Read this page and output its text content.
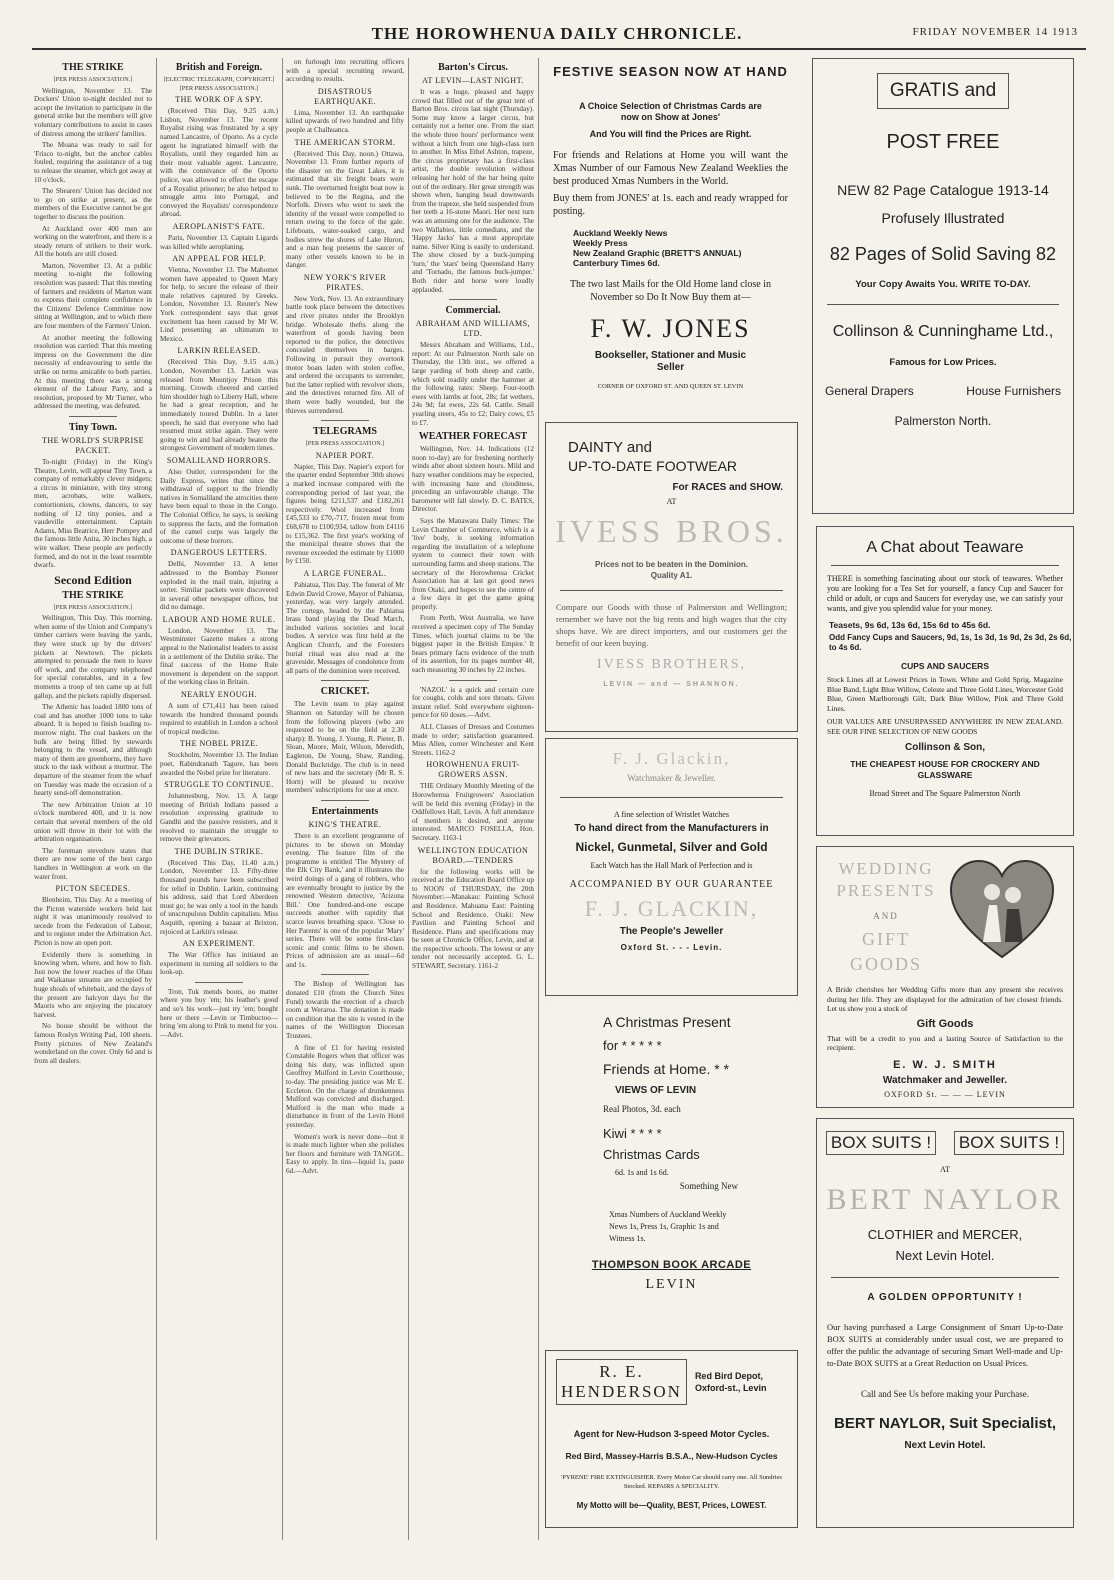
THE HOROWHENUA DAILY CHRONICLE.	FRIDAY NOVEMBER 14 1913
THE STRIKE
[PER PRESS ASSOCIATION.]

Wellington, November 13. The Dockers' Union to-night decided not to accept the invitation to participate in the general strike but the members will give voluntary contributions to assist in cases of distress among the strikers' families.

The Moana was ready to sail for 'Frisco to-night, but the anchor cables fouled, requiring the assistance of a tug to release the steamer, which got away at 10 o'clock.

The Shearers' Union has decided not to go on strike at present, as the members of the Executive cannot be got together to discuss the position.

At Auckland over 400 men are working on the waterfront, and there is a steady return of strikers to their work. All the hotels are still closed.

Marton, November 13. At a public meeting to-night the following resolution was passed: That this meeting of farmers and residents of Marton want to express their complete confidence in the Citizens' Defence Committee now sitting at Wellington, and to which there are four members of the Farmers' Union.

At another meeting the following resolution was carried: That this meeting impress on the Government the dire necessity of endeavouring to settle the strike on terms amicable to both parties. At this meeting there was a strong element of the Labour Party, and a resolution, proposed by Mr Turner, who addressed the meeting, was defeated.

Tiny Town.
THE WORLD'S SURPRISE PACKET.

To-night (Friday) in the King's Theatre, Levin, will appear Tiny Town, a company of remarkably clever midgets; a circus in miniature, with tiny strong men, acrobats, wire walkers, contortionists, clowns, dancers, to say nothing of 12 tiny ponies, and a vaudeville entertainment. Captain Adams, Miss Beatrice, Herr Pompey and the famous little Anita, 30 inches high, a wire walker. These people are perfectly formed, and do not in the least resemble dwarfs.

Second Edition
THE STRIKE
[PER PRESS ASSOCIATION.]

Wellington, This Day. This morning, when some of the Union and Company's timber carriers were leaving the yards, they were stuck up by the drivers' pickets at Newtown. The pickets attempted to persuade the men to leave off work, and the company telephoned for special constables, and in a few moments a troop of ten came up at full gallop, and the pickets rapidly dispersed.

The Athenic has loaded 1800 tons of coal and has another 1000 tons to take aboard. It is hoped to finish loading to-morrow night. The coal baskets on the hulk are being filled by stewards belonging to the vessel, and although many of them are greenhorns, they have stuck to the task without a murmur. The departure of the steamer from the wharf on Tuesday was made the occasion of a hearty send-off demonstration.

The new Arbitration Union at 10 o'clock numbered 400, and it is now certain that several members of the old union will throw in their lot with the arbitration organisation.

The foreman stevedore states that there are now some of the best cargo handlers in Wellington at work on the water front.

PICTON SECEDES.

Blenheim, This Day. At a meeting of the Picton waterside workers held last night it was unanimously resolved to secede from the Federation of Labour, and to register under the Arbitration Act. Picton is now an open port.

Evidently there is something in knowing when, where, and how to fish. Just now the lower reaches of the Ohau and Waikanae streams are occupied by huge shoals of whitebait, and the days of the present are halcyon days for the Maoris who are enjoying the piscatory harvest.

No house should be without the famous Roslyn Writing Pad, 100 sheets. Pretty pictures of New Zealand's wonderland on the cover. Only 6d and is from all dealers.

British and Foreign.
[ELECTRIC TELEGRAPH, COPYRIGHT.] [PER PRESS ASSOCIATION.]
THE WORK OF A SPY.

(Received This Day, 9.25 a.m.) Lisbon, November 13. The recent Royalist rising was frustrated by a spy named Lancastre, of Oporto. As a cycle agent he ingratiated himself with the Royalists, until they regarded him as their most valuable agent. Lancastre, with the connivance of the Oporto police, was allowed to effect the escape of a Royalist prisoner; he also helped to smuggle arms into Portugal, and conveyed the Royalists' correspondence abroad.

AEROPLANIST'S FATE.

Paris, November 13. Captain Ligards was killed while aeroplaning.

AN APPEAL FOR HELP.

Vienna, November 13. The Mahomet women have appealed to Queen Mary for help, to secure the release of their male relatives captured by Greeks. London, November 13. Reuter's New York correspondent says that great excitement has been caused by Mr W. Lind presenting an ultimatum to Mexico.

LARKIN RELEASED.

(Received This Day, 9.15 a.m.) London, November 13. Larkin was released from Mountjoy Prison this morning. Crowds cheered and carried him shoulder high to Liberty Hall, where he had a great reception, and he immediately toured Dublin. In a later speech, he said that everyone who had resumed must strike again. They were going to win and had already beaten the strongest Government of modern times.

SOMALILAND HORRORS.

Also Outler, correspondent for the Daily Express, writes that since the withdrawal of support to the friendly natives in Somaliland the atrocities there have been equal to those in the Congo. The Colonial Office, he says, is seeking to suppress the facts, and the formation of the camel corps was largely the outcome of these horrors.

DANGEROUS LETTERS.

Delhi, November 13. A letter addressed to the Bombay Pioneer exploded in the mail train, injuring a sorter. Similar packets were discovered in several other newspaper offices, but did no damage.

LABOUR AND HOME RULE.

London, November 13. The Westminster Gazette makes a strong appeal to the Nationalist leaders to assist in a settlement of the Dublin strike. The final success of the Home Rule movement is dependent on the support of the working class in Britain.

NEARLY ENOUGH.

A sum of £71,411 has been raised towards the hundred thousand pounds required to establish in London a school of tropical medicine.

THE NOBEL PRIZE.

Stockholm, November 13. The Indian poet, Rabindranath Tagore, has been awarded the Nobel prize for literature.

STRUGGLE TO CONTINUE.

Johannesburg, Nov. 13. A large meeting of British Indians passed a resolution expressing gratitude to Gandhi and the passive resisters, and it resolved to maintain the struggle to remove their grievances.

THE DUBLIN STRIKE.

(Received This Day, 11.40 a.m.) London, November 13. Fifty-three thousand pounds have been subscribed for relief in Dublin. Larkin, continuing his address, said that Lord Aberdeen must go; he was only a tool in the hands of unscrupulous Dublin capitalists. Miss Asquith, opening a bazaar at Brixton, rejoiced at Larkin's release.

AN EXPERIMENT.

The War Office has initiated an experiment in turning all soldiers to the look-up.

Tron, Tuk mends boots, no matter where you buy 'em; his leather's good and so's his work—just try 'em; bought here or there —Levin or Timbuctoo—bring 'em along to Pink to mend for you.—Advt.

on furlough into recruiting officers with a special recruiting reward, according to results.

DISASTROUS EARTHQUAKE.

Lima, November 13. An earthquake killed upwards of two hundred and fifty people at Chalhuanca.

THE AMERICAN STORM.

(Received This Day, noon.) Ottawa, November 13. From further reports of the disaster on the Great Lakes, it is estimated that six freight boats were sunk. The overturned freight boat now is believed to be the Regina, and the Norfolk. Divers who went to seek the identity of the vessel were compelled to return owing to the force of the gale. Lifeboats, water-soaked cargo, and bodies strew the shores of Lake Huron, and a man hog presents the saucer of many other vessels known to be in danger.

NEW YORK'S RIVER PIRATES.

New York, Nov. 13. An extraordinary battle took place between the detectives and river pirates under the Brooklyn bridge. Wholesale thefts along the waterfront of goods having been reported to the police, the detectives concealed themselves in barges. Following in pursuit they overtook motor boats laden with stolen coffee, and ordered the occupants to surrender, but the latter replied with revolver shots, and the detectives returned fire. All of them were badly wounded, but the thieves surrendered.

TELEGRAMS
[PER PRESS ASSOCIATION.]
NAPIER PORT.

Napier, This Day. Napier's export for the quarter ended September 30th shows a marked increase compared with the corresponding period of last year, the figures being £211,537 and £182,261 respectively. Wool increased from £45,533 to £70,-717, frozen meat from £68,678 to £100,934, tallow from £4116 to £15,362. The first year's working of the municipal theatre shows that the revenue exceeded the estimate by £1000 by £150.

A LARGE FUNERAL.

Pahiatua, This Day. The funeral of Mr Edwin David Crowe, Mayor of Pahiatua, yesterday, was very largely attended. The cortege, headed by the Pahiatua brass band playing the Dead March, included various societies and local bodies. A service was first held at the Anglican Church, and the Foresters burial ritual was also read at the graveside. Messages of condolence from all parts of the dominion were received.

CRICKET.

The Levin team to play against Shannon on Saturday will be chosen from the following players (who are requested to be on the field at 2.30 sharp): B. Young, J. Young, R. Pieter, B. Sloan, Moore, Moir, Wilson, Meredith, Eagleton, De Young, Shaw, Randing, Donald Buckridge. The club is in need of new bats and the secretary (Mr R. S. Horn) will be pleased to receive members' subscriptions for use at once.

Entertainments
KING'S THEATRE.

There is an excellent programme of pictures to be shown on Monday evening. The feature film of the programme is entitled 'The Mystery of the Elk City Bank,' and it illustrates the weird doings of a gang of robbers, who are eventually brought to justice by the renowned Western detective, 'Arizona Bill.' One hundred-and-one escape succeeds another with rapidity that scarce leaves breathing space. 'Close to Her Parents' is one of the popular 'Mary' series. There will be some first-class scenic and comic films to be shown. Prices of admission are as usual—6d and 1s.

The Bishop of Wellington has donated £10 (from the Church Sites Fund) towards the erection of a church room at Weraroa. The donation is made on condition that the site is vested in the names of the Wellington Diocesan Trustees.

A fine of £1 for having resisted Constable Rogers when that officer was doing his duty, was inflicted upon Geoffrey Mulford in Levin Courthouse, to-day. The presiding justice was Mr E. Eccleton. On the charge of drunkenness Mulford was convicted and discharged. Mulford is the man who made a disturbance in front of the Levin Hotel yesterday.

Women's work is never done—but it is made much lighter when she polishes her floors and furniture with TANGOL. Easy to apply. In tins—liquid 1s, paste 6d.—Advt.

Barton's Circus.
AT LEVIN—LAST NIGHT.

It was a huge, pleased and happy crowd that filled out of the great tent of Barton Bros. circus last night (Thursday). Some may know a larger circus, but certainly not a better one. From the start the whole three hours' performance went without a hitch from one high-class turn to another. In Miss Ethel Ashton, trapeze, the circus proprietary has a first-class artist, the double revolution without releasing her hold of the bar being quite out of the ordinary. Her great strength was shown when, hanging head downwards from the trapeze, she held suspended from her teeth a 16-stone Maori. Her next turn was an amusing one for the audience. The two Wallabies, little comedians, and the 'Happy Jacks' has a most appropriate name. Silver King is easily to understand. The show closed by a buck-jumping 'turn,' the 'stars' being Queensland Harry and 'Tornado, the famous buck-jumper.' Both rider and horse were loudly applauded.

Commercial.
ABRAHAM AND WILLIAMS, LTD.

Messrs Abraham and Williams, Ltd., report: At our Palmerston North sale on Thursday, the 13th inst., we offered a large yarding of both sheep and cattle, which sold readily under the hammer at the following rates: Sheep. Four-tooth ewes with lambs at foot, 28s; fat wethers, 24s 9d; fat ewes, 22s 6d. Cattle. Small yearling steers, 45s to £2; Dairy cows, £5 to £7.

WEATHER FORECAST

Wellington, Nov. 14. Indications (12 noon to-day) are for freshening northerly winds after about sixteen hours. Mild and hazy weather conditions may be expected, with increasing haze and cloudiness, preceding an unfavourable change. The barometer will fall slowly. D. C. BATES, Director.

Says the Manawatu Daily Times: The Levin Chamber of Commerce, which is a 'live' body, is seeking information regarding the installation of a telephone system to connect their town with surrounding farms and sheep stations. The secretary of the Horowhenua Cricket Association has at last got good news from Otaki, and hopes to see the centre of a few days in get the game going properly.

From Perth, West Australia, we have received a specimen copy of The Sunday Times, which journal claims to be 'the biggest paper in the British Empire.' It bears primary facts evidence of the truth of its assertion, for its pages number 48, each measuring 30 inches by 22 inches.

'NAZOL' is a quick and certain cure for coughs, colds and sore throats. Gives instant relief. Sold everywhere eighteen-pence for 60 doses.—Advt.

ALL Classes of Dresses and Costumes made to order; satisfaction guaranteed. Miss Allen, corner Winchester and Kent Streets. 1162-2

HOROWHENUA FRUIT-GROWERS ASSN.

THE Ordinary Monthly Meeting of the Horowhenua Fruitgrowers' Association will be held this evening (Friday) in the Oddfellows Hall, Levin. A full attendance of members is desired, and anyone interested. MARCO FOSELLA, Hon. Secretary. 1163-1

WELLINGTON EDUCATION BOARD.—TENDERS

for the following works will be received at the Education Board Office up to NOON of THURSDAY, the 20th November:—Manakau: Painting School and Residence. Mahuana East: Painting School and Residence. Otaki: New Pavilion and Painting School and Residence. Plans and specifications may be seen at Chronicle Office, Levin, and at the respective schools. The lowest or any tender not necessarily accepted. G. L. STEWART, Secretary. 1161-2

FESTIVE SEASON NOW AT HAND
A Choice Selection of Christmas Cards are now on Show at Jones'
And You will find the Prices are Right.
For friends and Relations at Home you will want the Xmas Number of our Famous New Zealand Weeklies the best produced Xmas Numbers in the World.
Buy them from JONES' at 1s. each and ready wrapped for posting.
Auckland Weekly News
Weekly Press
New Zealand Graphic (BRETT'S ANNUAL)
Canterbury Times 6d.
The two last Mails for the Old Home land close in November so Do It Now Buy them at—
F. W. JONES
Bookseller, Stationer and Music Seller
CORNER OF OXFORD ST. AND QUEEN ST. LEVIN
DAINTY and
UP-TO-DATE FOOTWEAR
For RACES and SHOW.
AT
IVESS BROS.
Prices not to be beaten in the Dominion.
Quality A1.
Compare our Goods with those of Palmerston and Wellington; remember we have not the big rents and high wages that the city shops have. We are direct importers, and our customers get the benefit of our keen buying.
IVESS BROTHERS,
LEVIN — and — SHANNON.
F. J. Glackin,
Watchmaker & Jeweller.
A fine selection of Wristlet Watches
To hand direct from the Manufacturers in
Nickel, Gunmetal, Silver and Gold
Each Watch has the Hall Mark of Perfection and is
ACCOMPANIED BY OUR GUARANTEE
F. J. GLACKIN,
The People's Jeweller
Oxford St. - - - Levin.
A Christmas Present
for * * * * *
Friends at Home. * *
VIEWS OF LEVIN
Real Photos, 3d. each
Kiwi * * * *
Christmas Cards
6d. 1s and 1s 6d.
Something New
Xmas Numbers of Auckland Weekly News 1s, Press 1s, Graphic 1s and Witness 1s.
THOMPSON BOOK ARCADE
LEVIN
R. E. HENDERSON
Red Bird Depot, Oxford-st., Levin
Agent for New-Hudson 3-speed Motor Cycles.
Red Bird, Massey-Harris B.S.A., New-Hudson Cycles
'PYRENE' FIRE EXTINGUISHER. Every Motor Car should carry one. All Sundries Stocked. REPAIRS A SPECIALITY.
My Motto will be—Quality, BEST, Prices, LOWEST.
GRATIS and
POST FREE
NEW 82 Page Catalogue 1913-14
Profusely Illustrated
82 Pages of Solid Saving 82
Your Copy Awaits You. WRITE TO-DAY.
Collinson & Cunninghame Ltd.,
Famous for Low Prices.
General Drapers	House Furnishers
Palmerston North.
A Chat about Teaware
THERE is something fascinating about our stock of teawares. Whether you are looking for a Tea Set for yourself, a fancy Cup and Saucer for child or adult, or cups and Saucers for everyday use, we can satisfy your wants, and give you splendid value for your money.
Teasets, 9s 6d, 13s 6d, 15s 6d to 45s 6d.
Odd Fancy Cups and Saucers, 9d, 1s, 1s 3d, 1s 9d, 2s 3d, 2s 6d, to 4s 6d.
CUPS AND SAUCERS
Stock Lines all at Lowest Prices in Town. White and Gold Sprig, Magazine Blue Band, Light Blue Willow, Celeste and Three Gold Lines, Worcester Gold Blue, Green Marlborough Gilt, Dark Blue Willow, Pink and Three Gold Lines.
OUR VALUES ARE UNSURPASSED ANYWHERE IN NEW ZEALAND. SEE OUR FINE SELECTION OF NEW GOODS
Collinson & Son,
THE CHEAPEST HOUSE FOR CROCKERY AND GLASSWARE
Broad Street and The Square Palmerston North
WEDDING
PRESENTS
AND
GIFT
GOODS
A Bride cherishes her Wedding Gifts more than any present she receives during her life. They are displayed for the admiration of her closest friends. Let us show you a stock of
Gift Goods
That will be a credit to you and a lasting Source of Satisfaction to the recipient.
E. W. J. SMITH
Watchmaker and Jeweller.
OXFORD St. — — — LEVIN
BOX SUITS ! BOX SUITS !
AT
BERT NAYLOR
CLOTHIER and MERCER,
Next Levin Hotel.
A GOLDEN OPPORTUNITY !
Our having purchased a Large Consignment of Smart Up-to-Date BOX SUITS at considerably under usual cost, we are prepared to offer the public the advantage of securing Smart Well-made and Up-to-Date BOX SUITS at a Great Reduction on Usual Prices.
Call and See Us before making your Purchase.
BERT NAYLOR, Suit Specialist,
Next Levin Hotel.
